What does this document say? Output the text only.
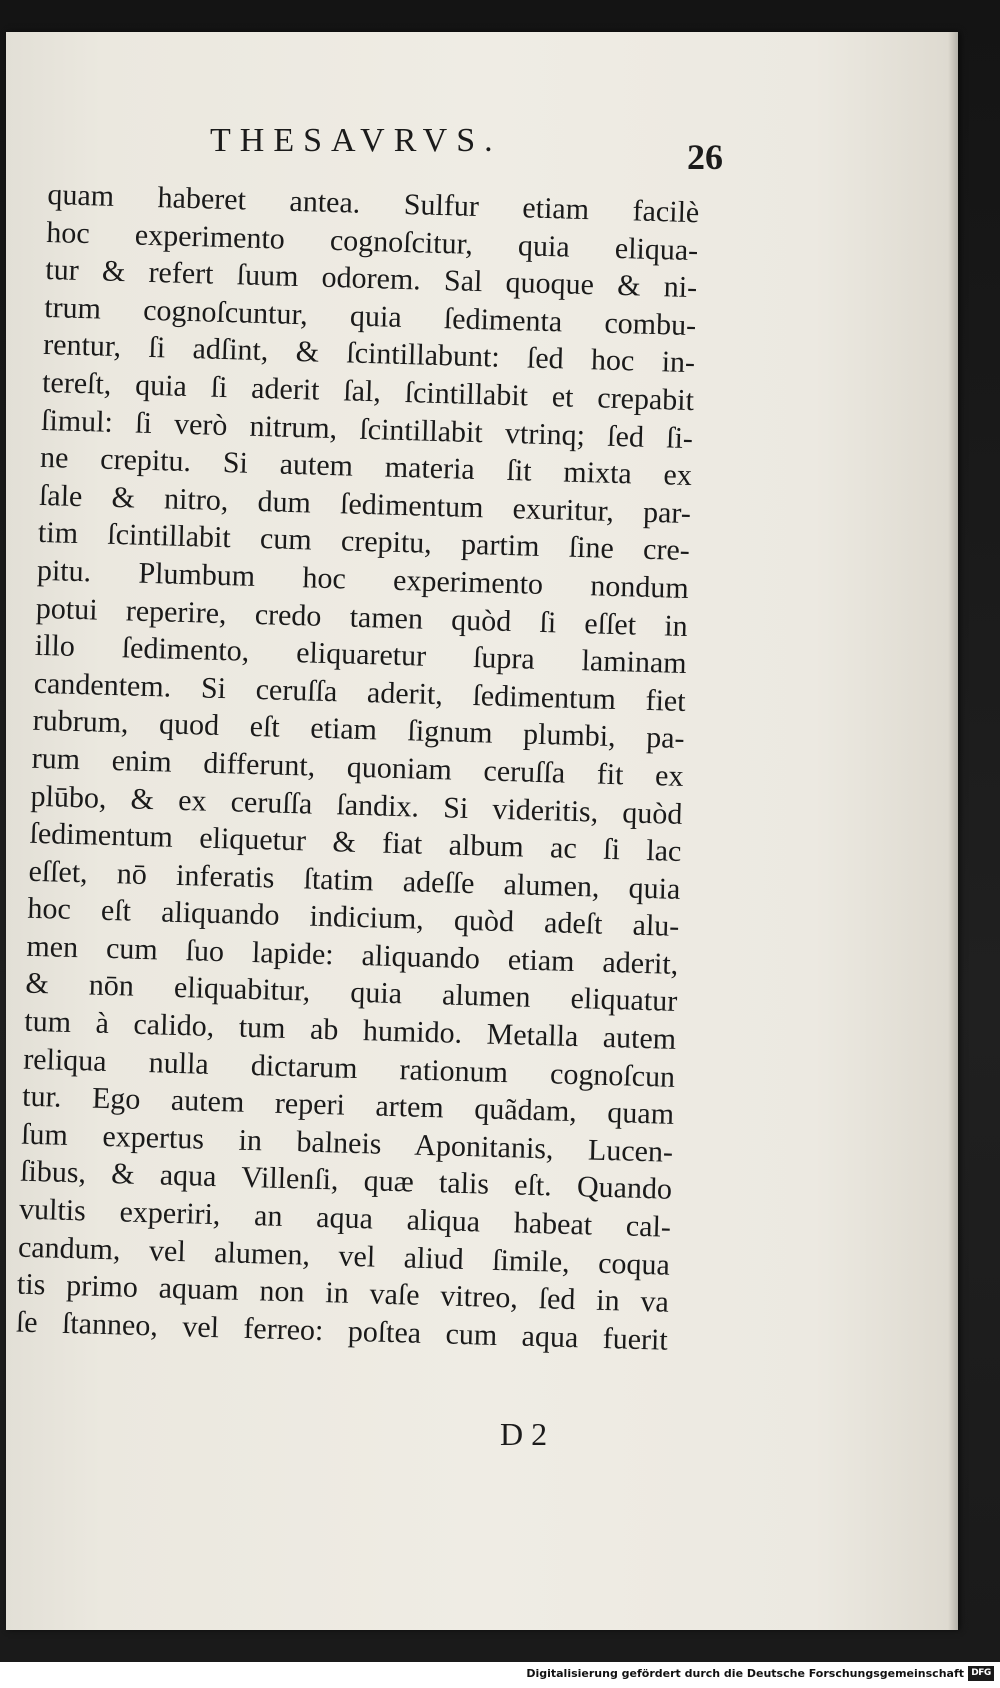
THESAVRVS.	26
quam haberet antea. Sulfur etiam facilè
hoc experimento cognoſcitur, quia eliqua-
tur & refert ſuum odorem. Sal quoque & ni-
trum cognoſcuntur, quia ſedimenta combu-
rentur, ſi adſint, & ſcintillabunt: ſed hoc in-
tereſt, quia ſi aderit ſal, ſcintillabit et crepabit
ſimul: ſi verò nitrum, ſcintillabit vtrinq; ſed ſi-
ne crepitu. Si autem materia ſit mixta ex
ſale & nitro, dum ſedimentum exuritur, par-
tim ſcintillabit cum crepitu, partim ſine cre-
pitu. Plumbum hoc experimento nondum
potui reperire, credo tamen quòd ſi eſſet in
illo ſedimento, eliquaretur ſupra laminam
candentem. Si ceruſſa aderit, ſedimentum fiet
rubrum, quod eſt etiam ſignum plumbi, pa-
rum enim differunt, quoniam ceruſſa fit ex
plūbo, & ex ceruſſa ſandix. Si videritis, quòd
ſedimentum eliquetur & fiat album ac ſi lac
eſſet, nō inferatis ſtatim adeſſe alumen, quia
hoc eſt aliquando indicium, quòd adeſt alu-
men cum ſuo lapide: aliquando etiam aderit,
& nōn eliquabitur, quia alumen eliquatur
tum à calido, tum ab humido. Metalla autem
reliqua nulla dictarum rationum cognoſcun
tur. Ego autem reperi artem quãdam, quam
ſum expertus in balneis Aponitanis, Lucen-
ſibus, & aqua Villenſi, quæ talis eſt. Quando
vultis experiri, an aqua aliqua habeat cal-
candum, vel alumen, vel aliud ſimile, coqua
tis primo aquam non in vaſe vitreo, ſed in va
ſe ſtanneo, vel ferreo: poſtea cum aqua fuerit
D 2
Digitalisierung gefördert durch die Deutsche Forschungsgemeinschaft DFG
